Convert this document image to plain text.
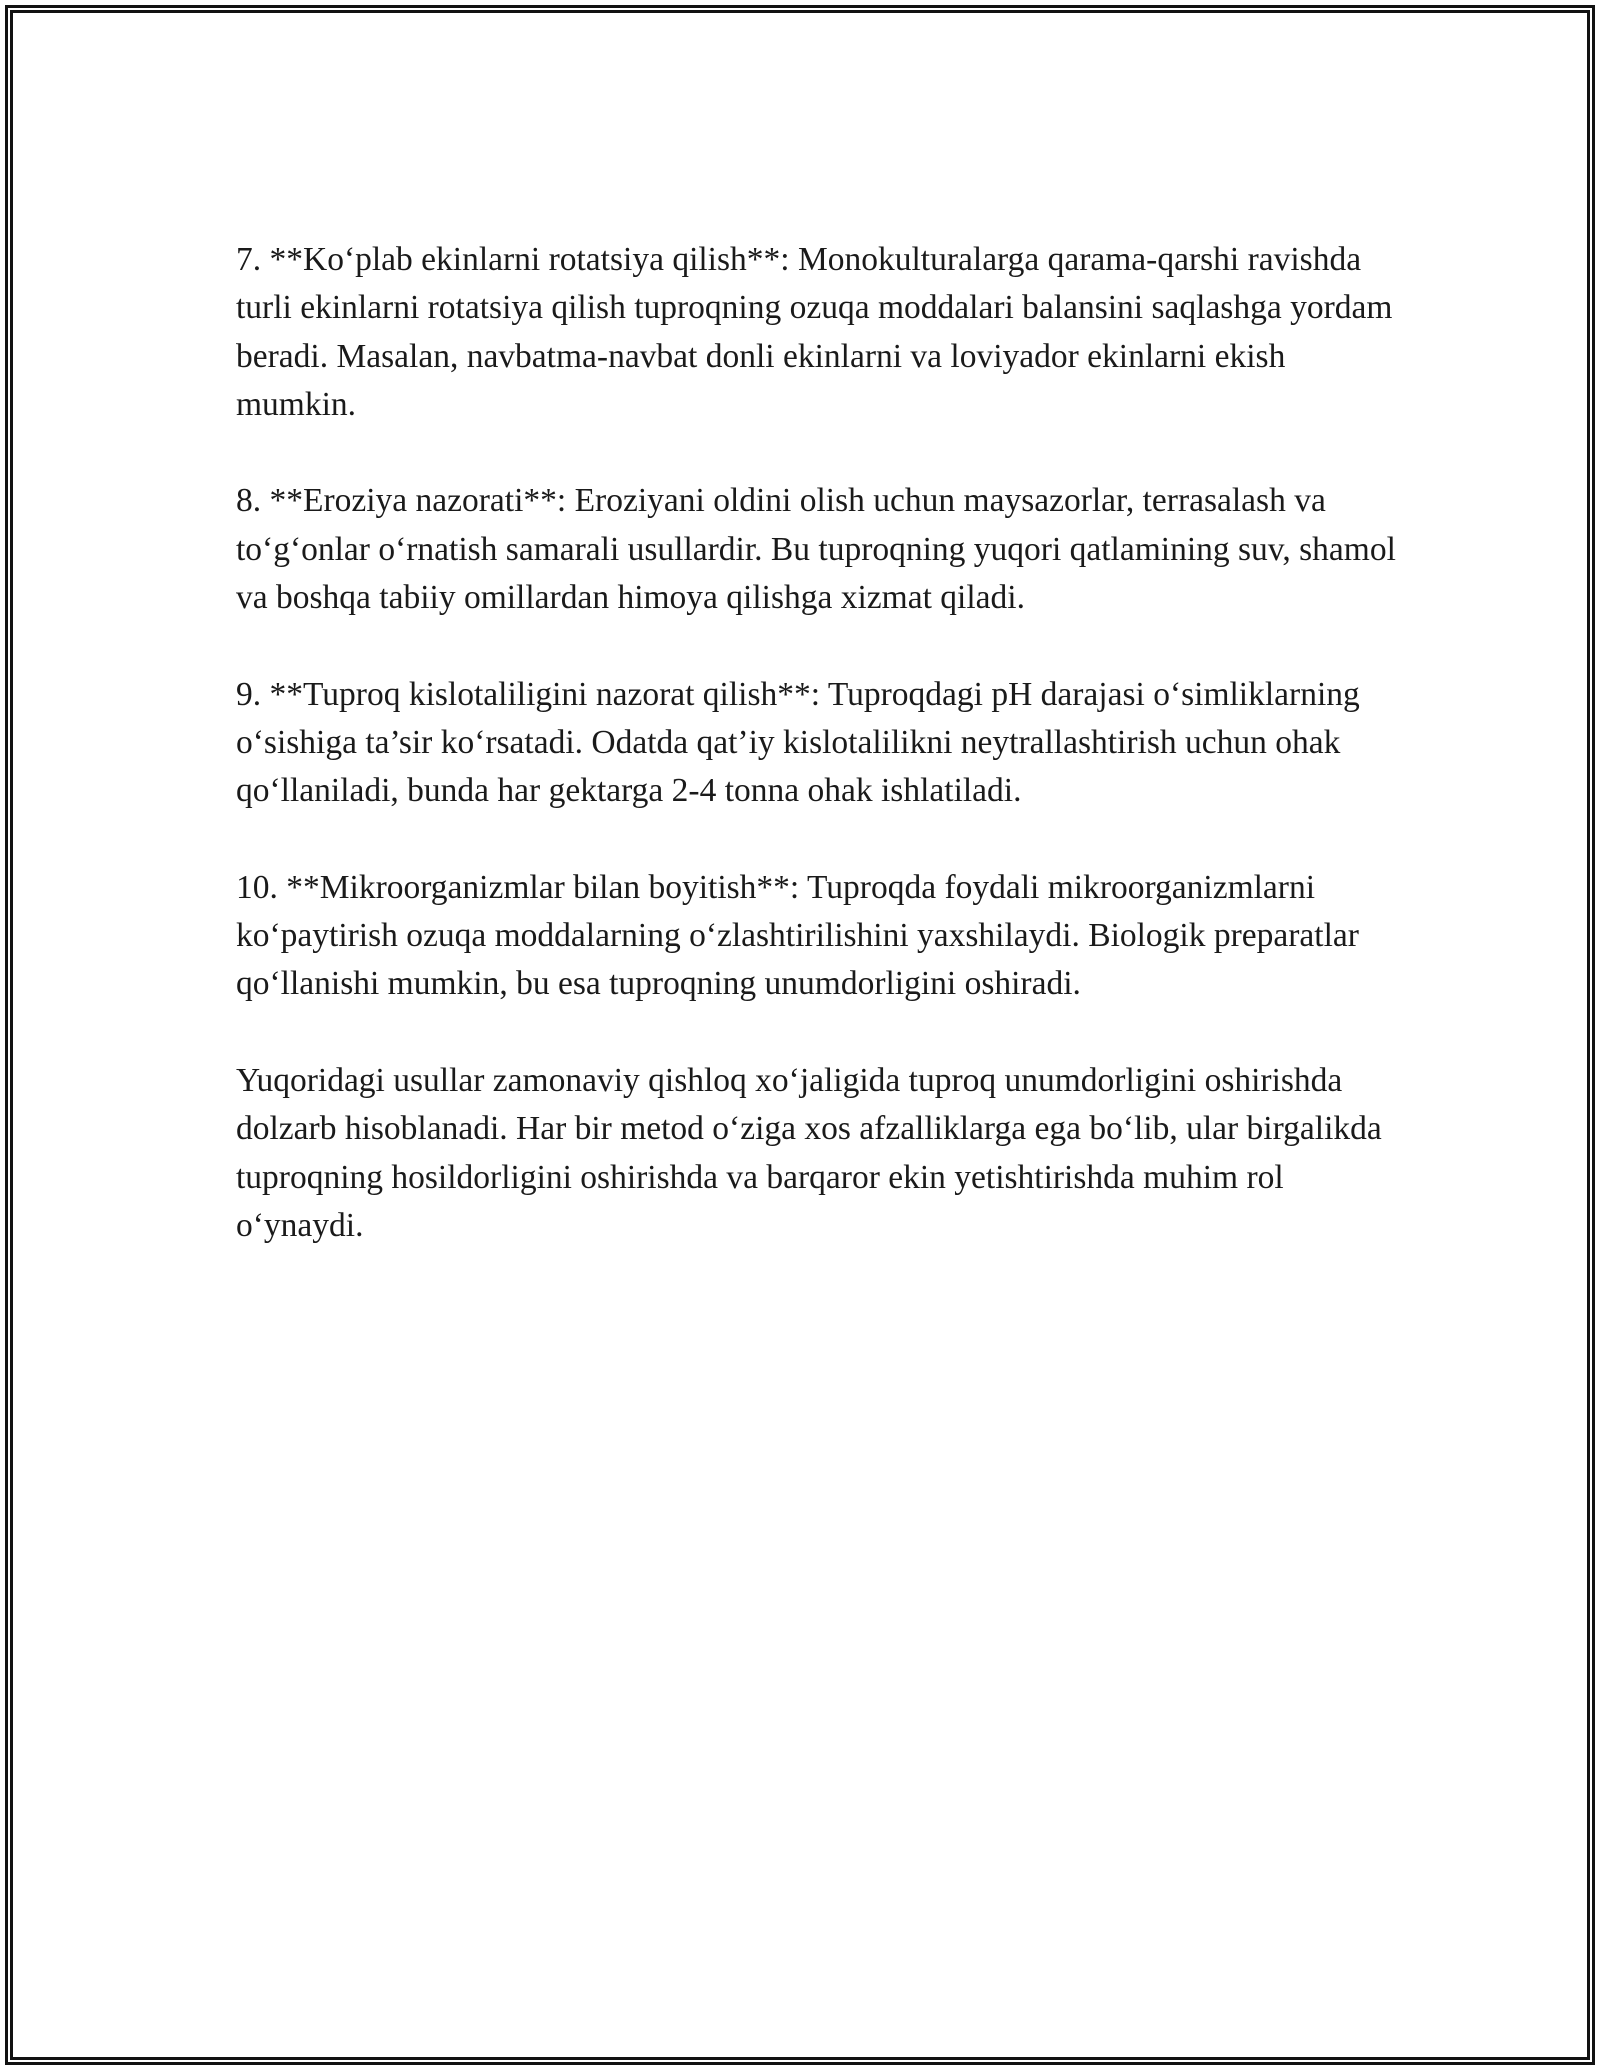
7. **Ko‘plab ekinlarni rotatsiya qilish**: Monokulturalarga qarama-qarshi ravishda turli ekinlarni rotatsiya qilish tuproqning ozuqa moddalari balansini saqlashga yordam beradi. Masalan, navbatma-navbat donli ekinlarni va loviyador ekinlarni ekish mumkin.

8. **Eroziya nazorati**: Eroziyani oldini olish uchun maysazorlar, terrasalash va to‘g‘onlar o‘rnatish samarali usullardir. Bu tuproqning yuqori qatlamining suv, shamol va boshqa tabiiy omillardan himoya qilishga xizmat qiladi.

9. **Tuproq kislotaliligini nazorat qilish**: Tuproqdagi pH darajasi o‘simliklarning o‘sishiga ta’sir ko‘rsatadi. Odatda qat’iy kislotalilikni neytrallashtirish uchun ohak qo‘llaniladi, bunda har gektarga 2-4 tonna ohak ishlatiladi.

10. **Mikroorganizmlar bilan boyitish**: Tuproqda foydali mikroorganizmlarni ko‘paytirish ozuqa moddalarning o‘zlashtirilishini yaxshilaydi. Biologik preparatlar qo‘llanishi mumkin, bu esa tuproqning unumdorligini oshiradi.

Yuqoridagi usullar zamonaviy qishloq xo‘jaligida tuproq unumdorligini oshirishda dolzarb hisoblanadi. Har bir metod o‘ziga xos afzalliklarga ega bo‘lib, ular birgalikda tuproqning hosildorligini oshirishda va barqaror ekin yetishtirishda muhim rol o‘ynaydi.
